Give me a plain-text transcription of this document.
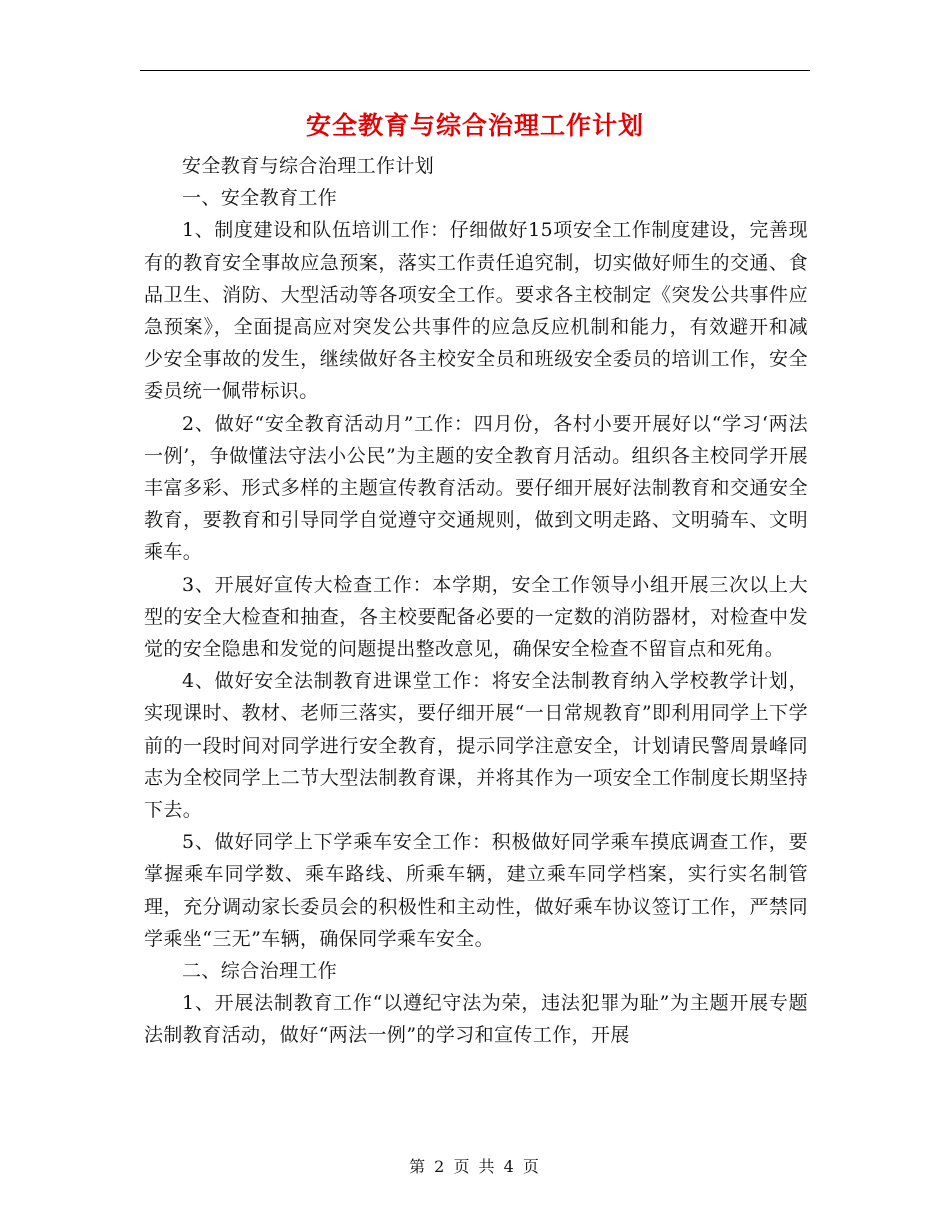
安全教育与综合治理工作计划

安全教育与综合治理工作计划

一、安全教育工作

1、制度建设和队伍培训工作：仔细做好15项安全工作制度建设，完善现有的教育安全事故应急预案，落实工作责任追究制，切实做好师生的交通、食品卫生、消防、大型活动等各项安全工作。要求各主校制定《突发公共事件应急预案》，全面提高应对突发公共事件的应急反应机制和能力，有效避开和减少安全事故的发生，继续做好各主校安全员和班级安全委员的培训工作，安全委员统一佩带标识。

2、做好“安全教育活动月”工作：四月份，各村小要开展好以“学习‘两法一例’，争做懂法守法小公民”为主题的安全教育月活动。组织各主校同学开展丰富多彩、形式多样的主题宣传教育活动。要仔细开展好法制教育和交通安全教育，要教育和引导同学自觉遵守交通规则，做到文明走路、文明骑车、文明乘车。

3、开展好宣传大检查工作：本学期，安全工作领导小组开展三次以上大型的安全大检查和抽查，各主校要配备必要的一定数的消防器材，对检查中发觉的安全隐患和发觉的问题提出整改意见，确保安全检查不留盲点和死角。

4、做好安全法制教育进课堂工作：将安全法制教育纳入学校教学计划，实现课时、教材、老师三落实，要仔细开展“一日常规教育”即利用同学上下学前的一段时间对同学进行安全教育，提示同学注意安全，计划请民警周景峰同志为全校同学上二节大型法制教育课，并将其作为一项安全工作制度长期坚持下去。

5、做好同学上下学乘车安全工作：积极做好同学乘车摸底调查工作，要掌握乘车同学数、乘车路线、所乘车辆，建立乘车同学档案，实行实名制管理，充分调动家长委员会的积极性和主动性，做好乘车协议签订工作，严禁同学乘坐“三无”车辆，确保同学乘车安全。

二、综合治理工作

1、开展法制教育工作“以遵纪守法为荣，违法犯罪为耻”为主题开展专题法制教育活动，做好“两法一例”的学习和宣传工作，开展

第 2 页 共 4 页
